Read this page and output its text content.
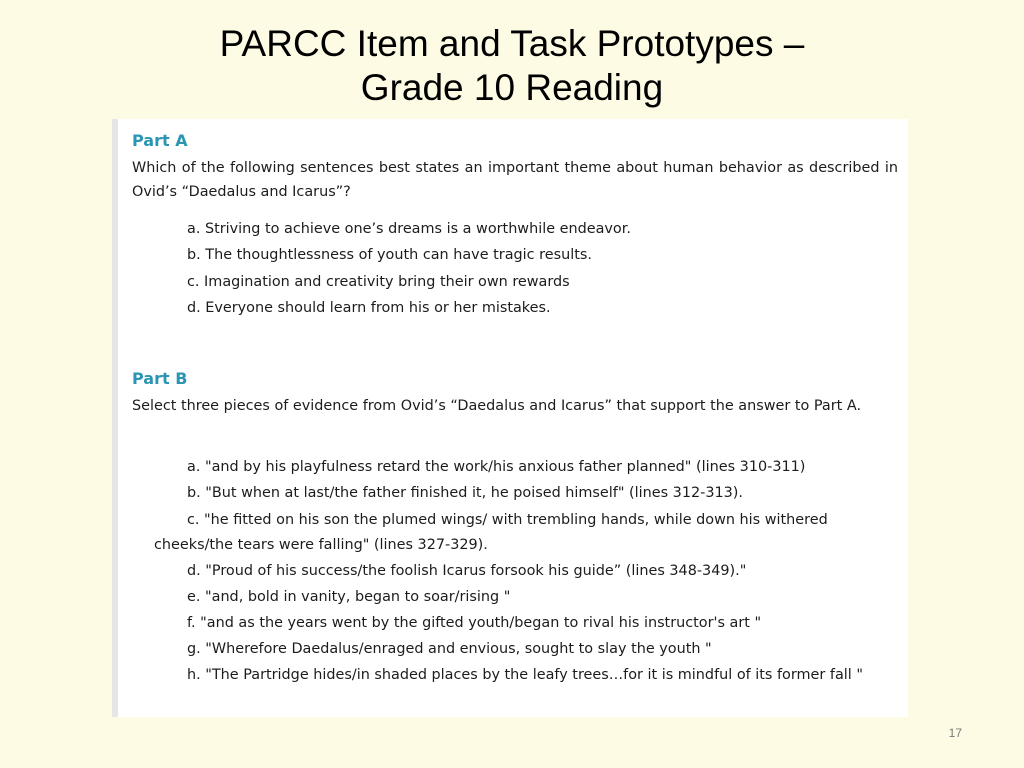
PARCC Item and Task Prototypes –
Grade 10 Reading
Part A
Which of the following sentences best states an important theme about human behavior as described in Ovid’s “Daedalus and Icarus”?
a. Striving to achieve one’s dreams is a worthwhile endeavor.
b. The thoughtlessness of youth can have tragic results.
c. Imagination and creativity bring their own rewards
d. Everyone should learn from his or her mistakes.
Part B
Select three pieces of evidence from Ovid’s “Daedalus and Icarus” that support the answer to Part A.
a. "and by his playfulness retard the work/his anxious father planned" (lines 310-311)
b. "But when at last/the father finished it, he poised himself" (lines 312-313).
c. "he fitted on his son the plumed wings/ with trembling hands, while down his withered cheeks/the tears were falling" (lines 327-329).
d. "Proud of his success/the foolish Icarus forsook his guide” (lines 348-349)."
e. "and, bold in vanity, began to soar/rising "
f. "and as the years went by the gifted youth/began to rival his instructor's art "
g. "Wherefore Daedalus/enraged and envious, sought to slay the youth "
h. "The Partridge hides/in shaded places by the leafy trees…for it is mindful of its former fall "
17
